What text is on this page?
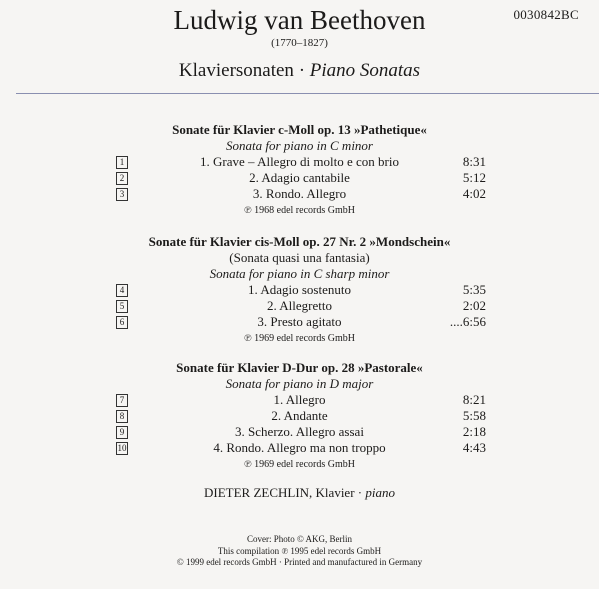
0030842BC
Ludwig van Beethoven
(1770–1827)
Klaviersonaten · Piano Sonatas
Sonate für Klavier c-Moll op. 13 »Pathetique«
Sonata for piano in C minor
1	1. Grave – Allegro di molto e con brio	8:31
2	2. Adagio cantabile	5:12
3	3. Rondo. Allegro	4:02
℗ 1968 edel records GmbH
Sonate für Klavier cis-Moll op. 27 Nr. 2 »Mondschein«
(Sonata quasi una fantasia)
Sonata for piano in C sharp minor
4	1. Adagio sostenuto	5:35
5	2. Allegretto	2:02
6	3. Presto agitato	....6:56
℗ 1969 edel records GmbH
Sonate für Klavier D-Dur op. 28 »Pastorale«
Sonata for piano in D major
7	1. Allegro	8:21
8	2. Andante	5:58
9	3. Scherzo. Allegro assai	2:18
10	4. Rondo. Allegro ma non troppo	4:43
℗ 1969 edel records GmbH
DIETER ZECHLIN, Klavier · piano
Cover: Photo © AKG, Berlin
This compilation ℗ 1995 edel records GmbH
© 1999 edel records GmbH · Printed and manufactured in Germany
